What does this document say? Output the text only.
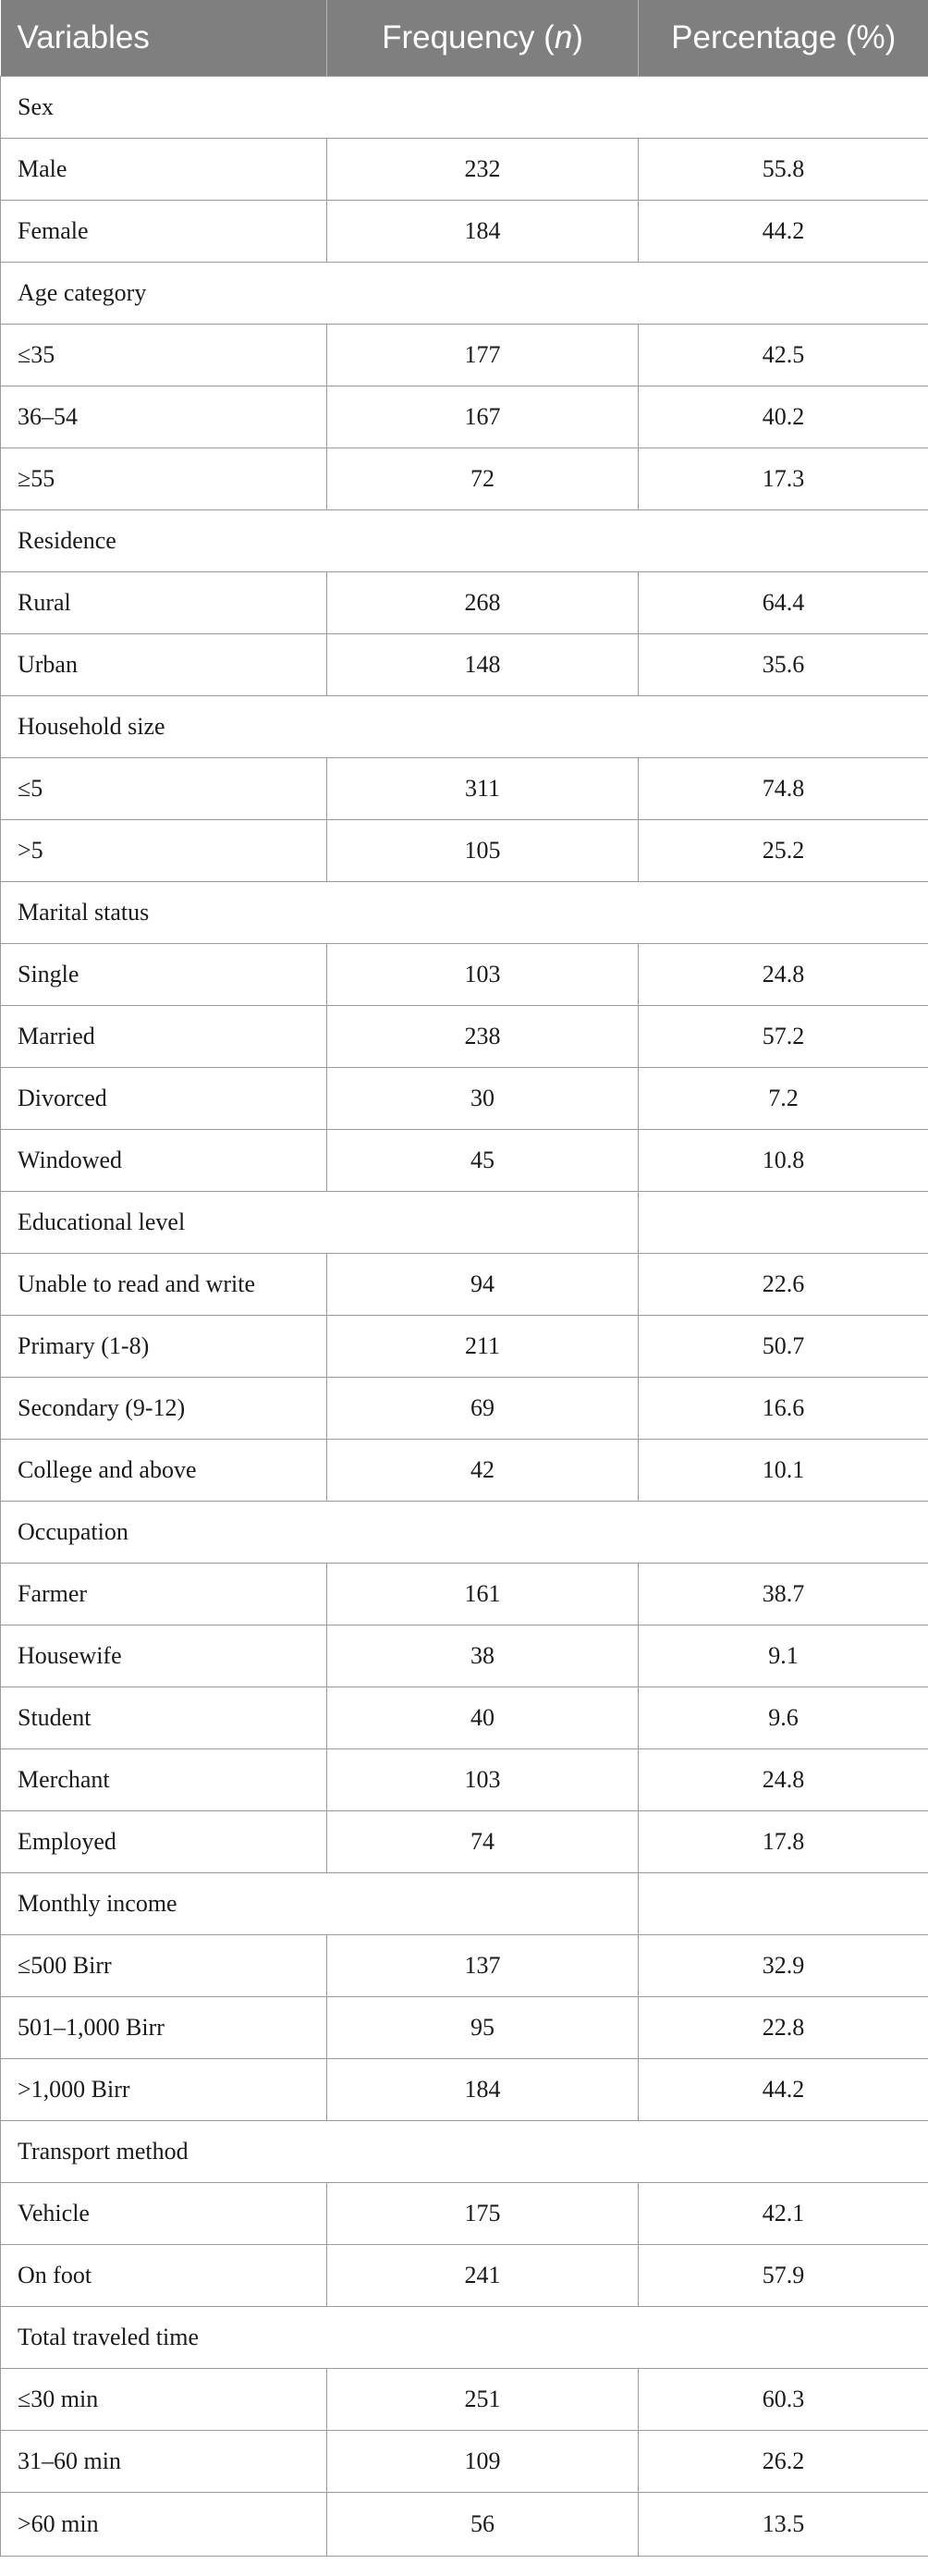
Variables	Frequency (n)	Percentage (%)
Sex		
Male	232	55.8
Female	184	44.2
Age category		
≤35	177	42.5
36–54	167	40.2
≥55	72	17.3
Residence		
Rural	268	64.4
Urban	148	35.6
Household size		
≤5	311	74.8
>5	105	25.2
Marital status		
Single	103	24.8
Married	238	57.2
Divorced	30	7.2
Windowed	45	10.8
Educational level		
Unable to read and write	94	22.6
Primary (1-8)	211	50.7
Secondary (9-12)	69	16.6
College and above	42	10.1
Occupation		
Farmer	161	38.7
Housewife	38	9.1
Student	40	9.6
Merchant	103	24.8
Employed	74	17.8
Monthly income		
≤500 Birr	137	32.9
501–1,000 Birr	95	22.8
>1,000 Birr	184	44.2
Transport method		
Vehicle	175	42.1
On foot	241	57.9
Total traveled time		
≤30 min	251	60.3
31–60 min	109	26.2
>60 min	56	13.5
